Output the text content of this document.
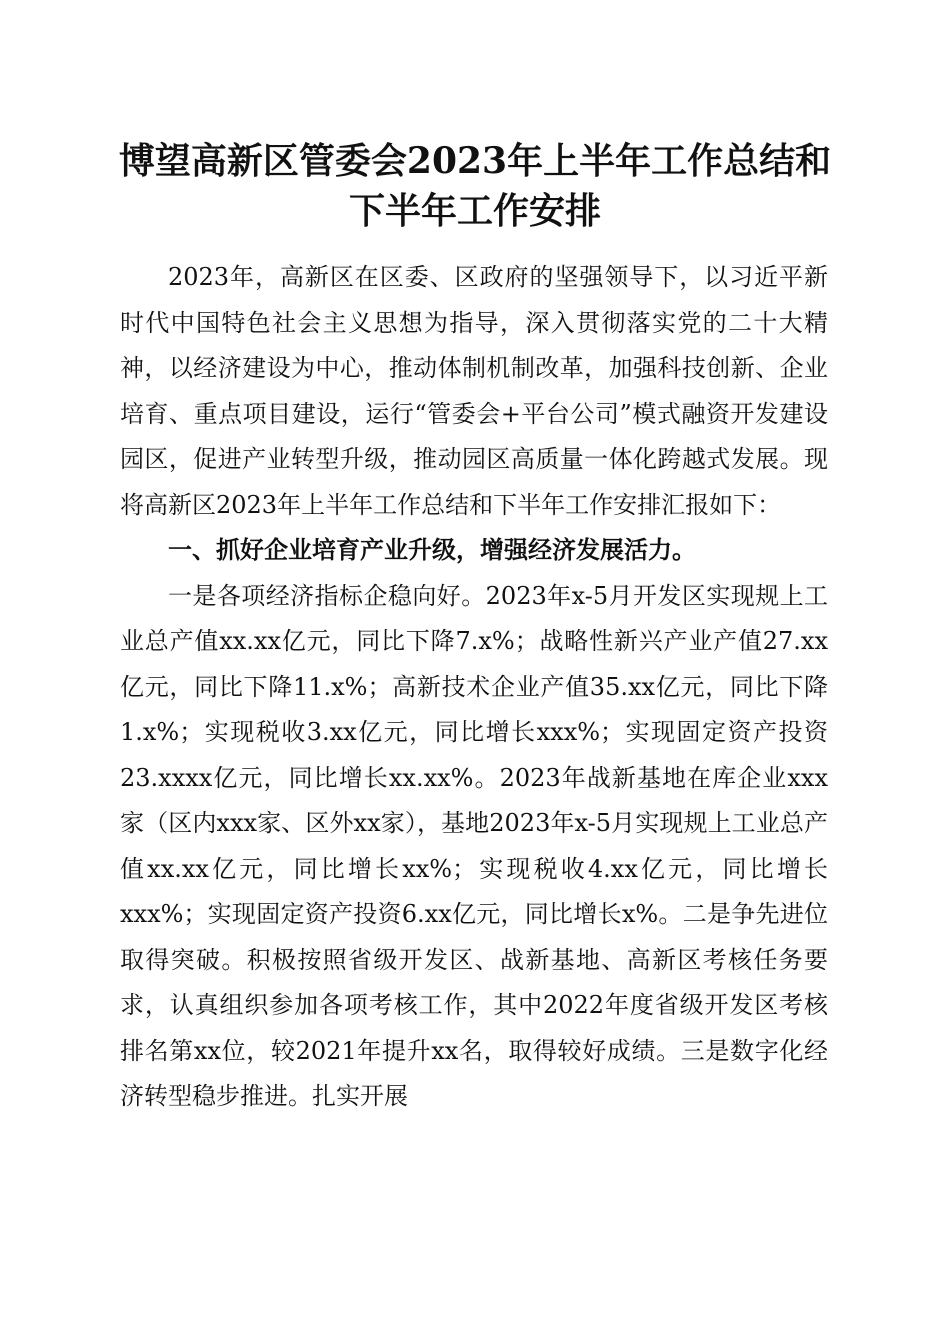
博望高新区管委会2023年上半年工作总结和
下半年工作安排

2023年，高新区在区委、区政府的坚强领导下，以习近平新时代中国特色社会主义思想为指导，深入贯彻落实党的二十大精神，以经济建设为中心，推动体制机制改革，加强科技创新、企业培育、重点项目建设，运行“管委会+平台公司”模式融资开发建设园区，促进产业转型升级，推动园区高质量一体化跨越式发展。现将高新区2023年上半年工作总结和下半年工作安排汇报如下：

一、抓好企业培育产业升级，增强经济发展活力。

一是各项经济指标企稳向好。2023年x-5月开发区实现规上工业总产值xx.xx亿元，同比下降7.x%；战略性新兴产业产值27.xx亿元，同比下降11.x%；高新技术企业产值35.xx亿元，同比下降1.x%；实现税收3.xx亿元，同比增长xxx%；实现固定资产投资23.xxxx亿元，同比增长xx.xx%。2023年战新基地在库企业xxx家（区内xxx家、区外xx家），基地2023年x-5月实现规上工业总产值xx.xx亿元，同比增长xx%；实现税收4.xx亿元，同比增长xxx%；实现固定资产投资6.xx亿元，同比增长x%。二是争先进位取得突破。积极按照省级开发区、战新基地、高新区考核任务要求，认真组织参加各项考核工作，其中2022年度省级开发区考核排名第xx位，较2021年提升xx名，取得较好成绩。三是数字化经济转型稳步推进。扎实开展
